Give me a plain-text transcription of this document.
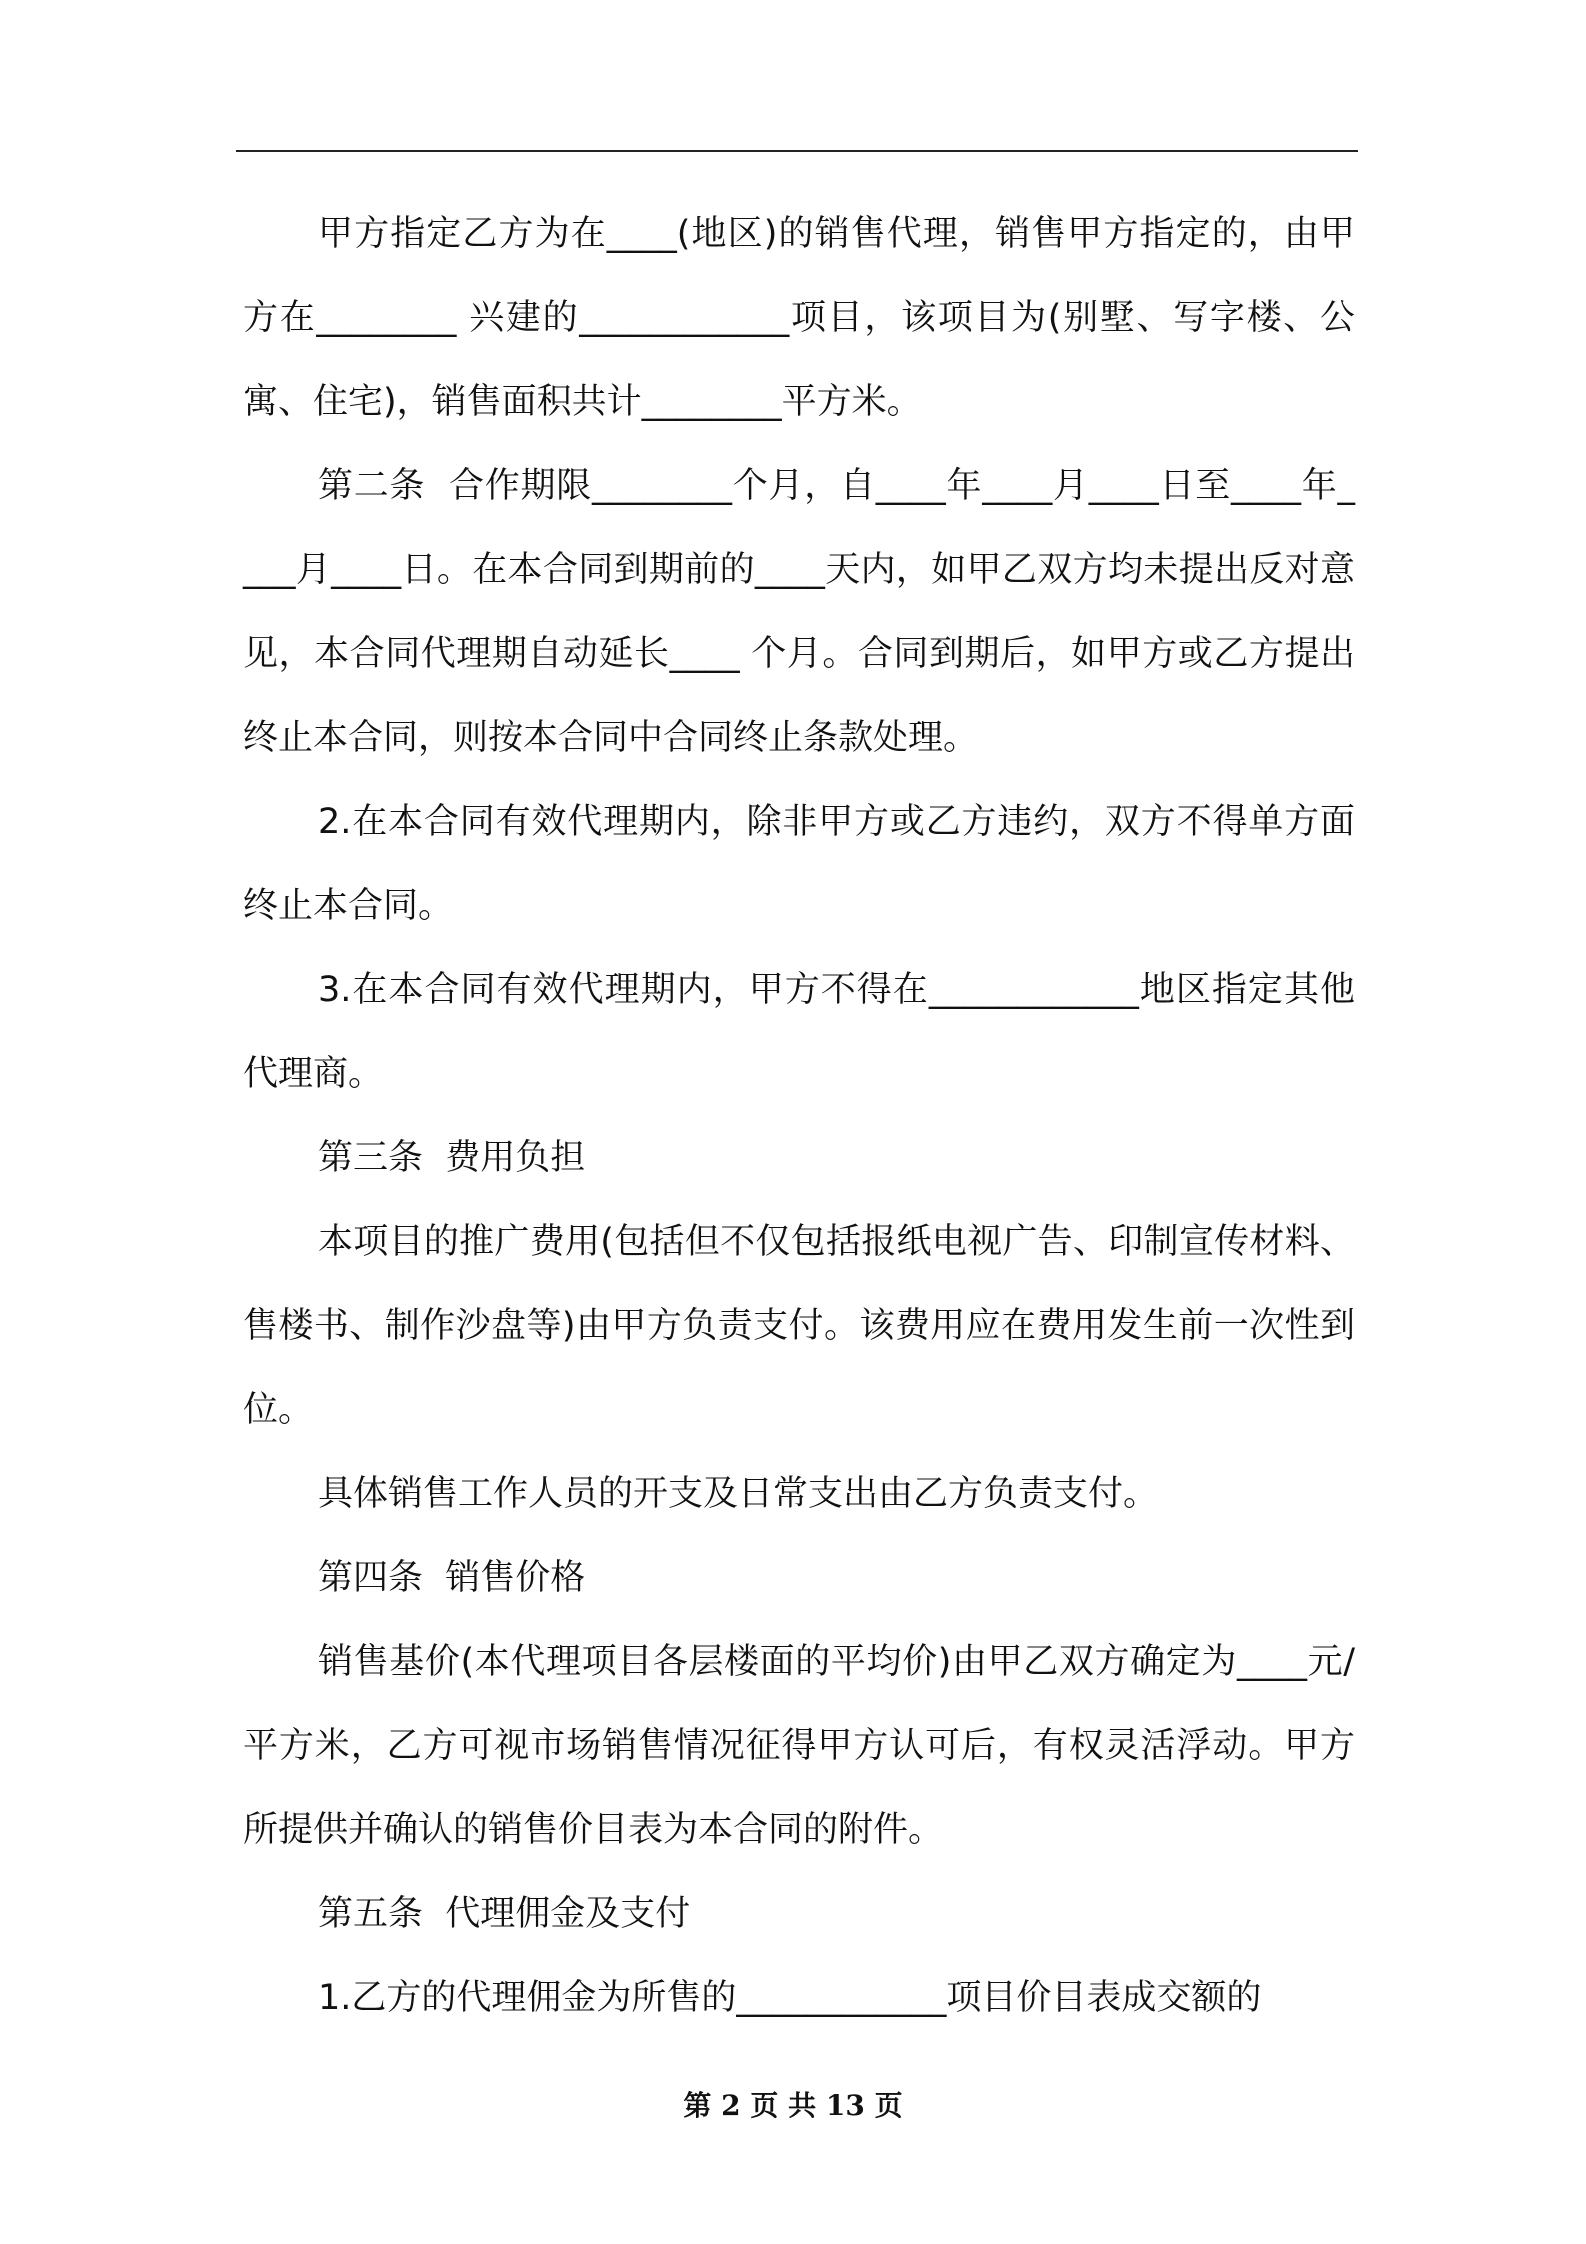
甲方指定乙方为在____(地区)的销售代理，销售甲方指定的，由甲方在________ 兴建的____________项目，该项目为(别墅、写字楼、公寓、住宅)，销售面积共计________平方米。

第二条  合作期限________个月，自____年____月____日至____年____月____日。在本合同到期前的____天内，如甲乙双方均未提出反对意见，本合同代理期自动延长____ 个月。合同到期后，如甲方或乙方提出终止本合同，则按本合同中合同终止条款处理。

2.在本合同有效代理期内，除非甲方或乙方违约，双方不得单方面终止本合同。

3.在本合同有效代理期内，甲方不得在____________地区指定其他代理商。

第三条  费用负担

本项目的推广费用(包括但不仅包括报纸电视广告、印制宣传材料、售楼书、制作沙盘等)由甲方负责支付。该费用应在费用发生前一次性到位。

具体销售工作人员的开支及日常支出由乙方负责支付。

第四条  销售价格

销售基价(本代理项目各层楼面的平均价)由甲乙双方确定为____元/平方米，乙方可视市场销售情况征得甲方认可后，有权灵活浮动。甲方所提供并确认的销售价目表为本合同的附件。

第五条  代理佣金及支付

1.乙方的代理佣金为所售的____________项目价目表成交额的

第 2 页 共 13 页
